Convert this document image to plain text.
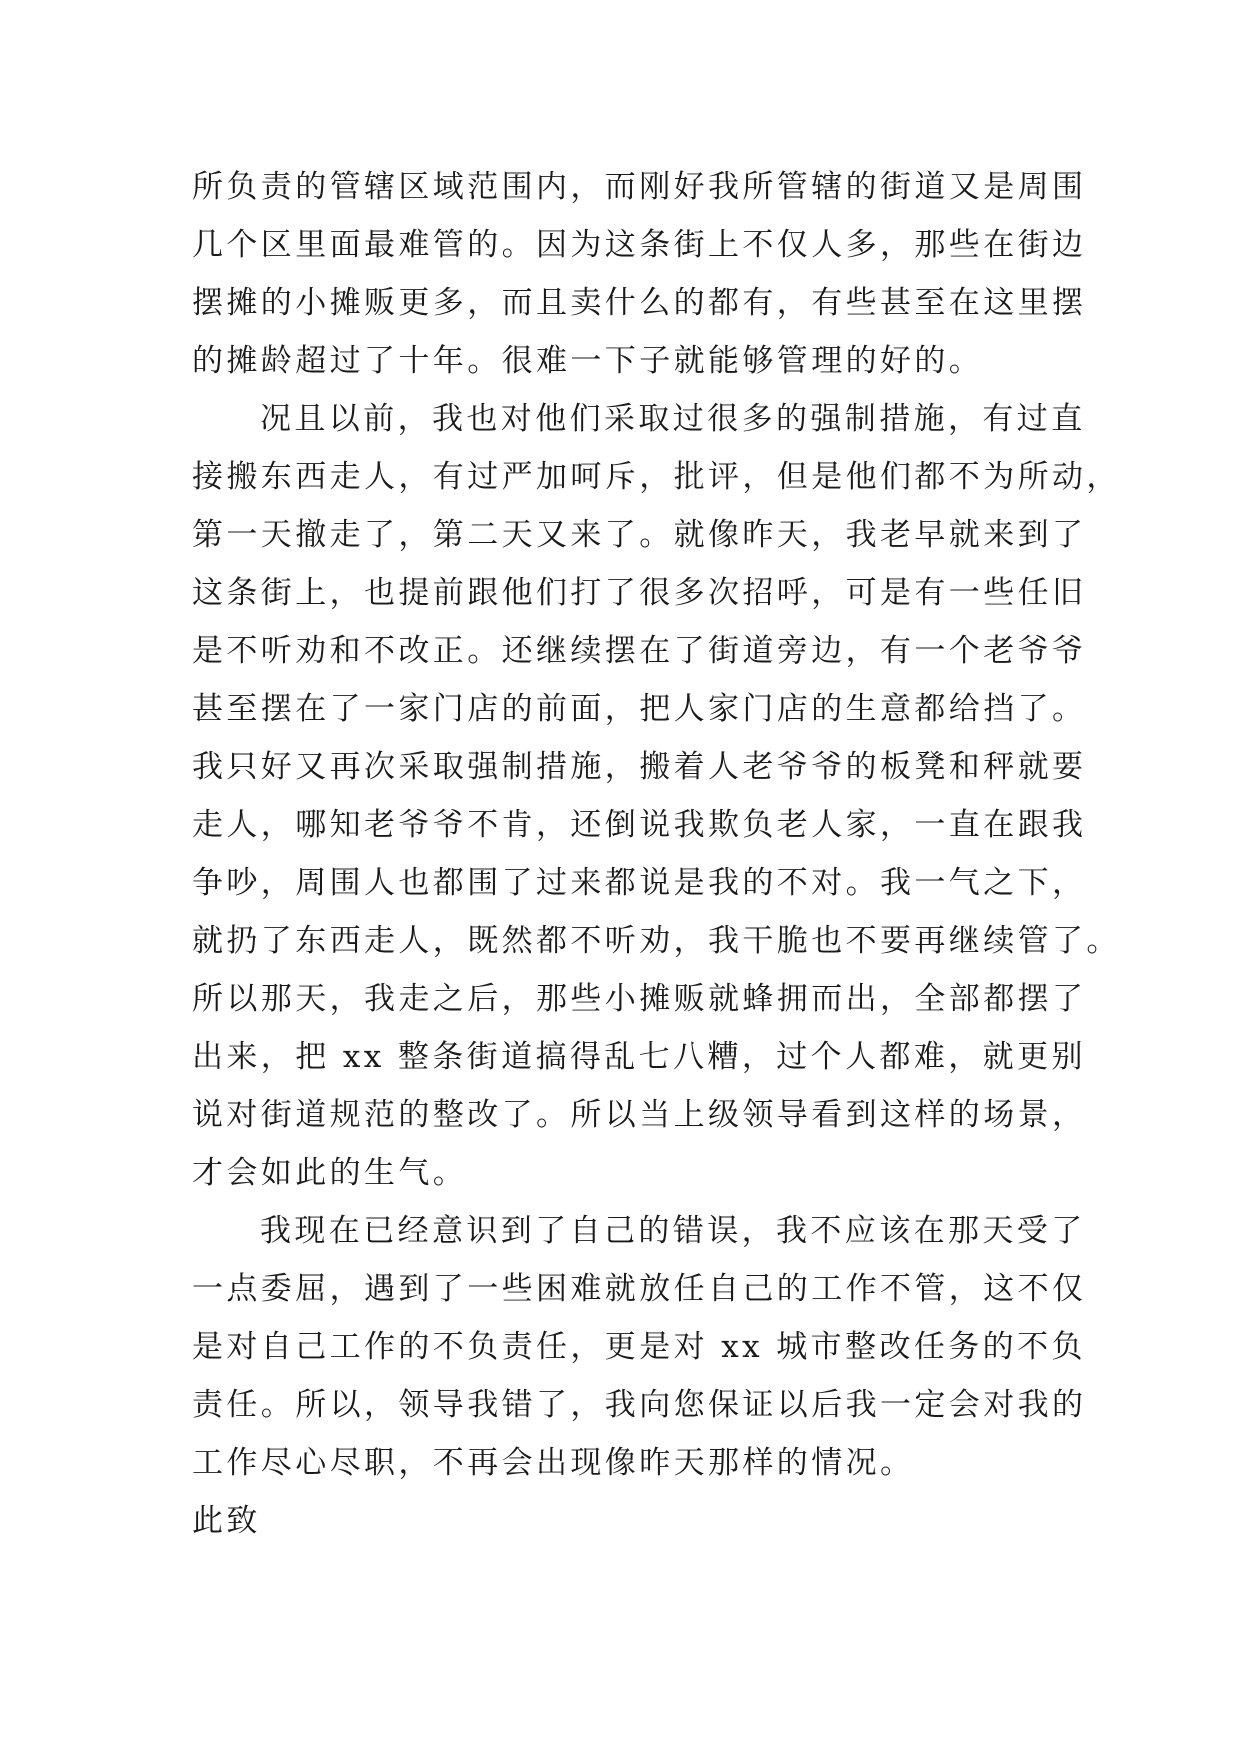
所负责的管辖区域范围内，而刚好我所管辖的街道又是周围
几个区里面最难管的。因为这条街上不仅人多，那些在街边
摆摊的小摊贩更多，而且卖什么的都有，有些甚至在这里摆
的摊龄超过了十年。很难一下子就能够管理的好的。
况且以前，我也对他们采取过很多的强制措施，有过直
接搬东西走人，有过严加呵斥，批评，但是他们都不为所动，
第一天撤走了，第二天又来了。就像昨天，我老早就来到了
这条街上，也提前跟他们打了很多次招呼，可是有一些任旧
是不听劝和不改正。还继续摆在了街道旁边，有一个老爷爷
甚至摆在了一家门店的前面，把人家门店的生意都给挡了。
我只好又再次采取强制措施，搬着人老爷爷的板凳和秤就要
走人，哪知老爷爷不肯，还倒说我欺负老人家，一直在跟我
争吵，周围人也都围了过来都说是我的不对。我一气之下，
就扔了东西走人，既然都不听劝，我干脆也不要再继续管了。
所以那天，我走之后，那些小摊贩就蜂拥而出，全部都摆了
出来，把 xx 整条街道搞得乱七八糟，过个人都难，就更别
说对街道规范的整改了。所以当上级领导看到这样的场景，
才会如此的生气。
我现在已经意识到了自己的错误，我不应该在那天受了
一点委屈，遇到了一些困难就放任自己的工作不管，这不仅
是对自己工作的不负责任，更是对 xx 城市整改任务的不负
责任。所以，领导我错了，我向您保证以后我一定会对我的
工作尽心尽职，不再会出现像昨天那样的情况。
此致
